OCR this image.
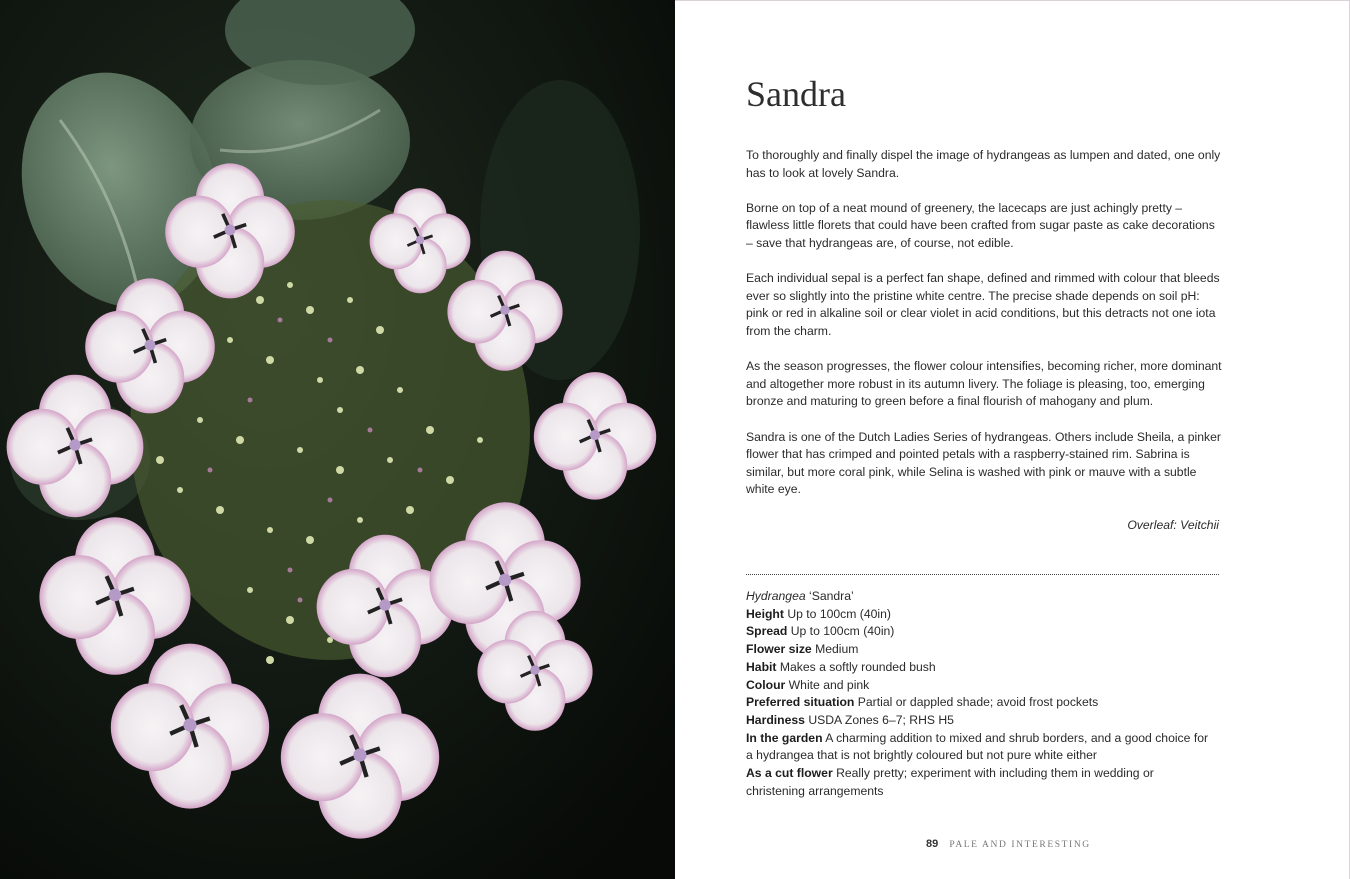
Sandra

To thoroughly and finally dispel the image of hydrangeas as lumpen and dated, one only has to look at lovely Sandra.

Borne on top of a neat mound of greenery, the lacecaps are just achingly pretty – flawless little florets that could have been crafted from sugar paste as cake decorations – save that hydrangeas are, of course, not edible.

Each individual sepal is a perfect fan shape, defined and rimmed with colour that bleeds ever so slightly into the pristine white centre. The precise shade depends on soil pH: pink or red in alkaline soil or clear violet in acid conditions, but this detracts not one iota from the charm.

As the season progresses, the flower colour intensifies, becoming richer, more dominant and altogether more robust in its autumn livery. The foliage is pleasing, too, emerging bronze and maturing to green before a final flourish of mahogany and plum.

Sandra is one of the Dutch Ladies Series of hydrangeas. Others include Sheila, a pinker flower that has crimped and pointed petals with a raspberry-stained rim. Sabrina is similar, but more coral pink, while Selina is washed with pink or mauve with a subtle white eye.

Overleaf: Veitchii
Hydrangea ‘Sandra’
Height Up to 100cm (40in)
Spread Up to 100cm (40in)
Flower size Medium
Habit Makes a softly rounded bush
Colour White and pink
Preferred situation Partial or dappled shade; avoid frost pockets
Hardiness USDA Zones 6–7; RHS H5
In the garden A charming addition to mixed and shrub borders, and a good choice for a hydrangea that is not brightly coloured but not pure white either
As a cut flower Really pretty; experiment with including them in wedding or christening arrangements
89 PALE AND INTERESTING
